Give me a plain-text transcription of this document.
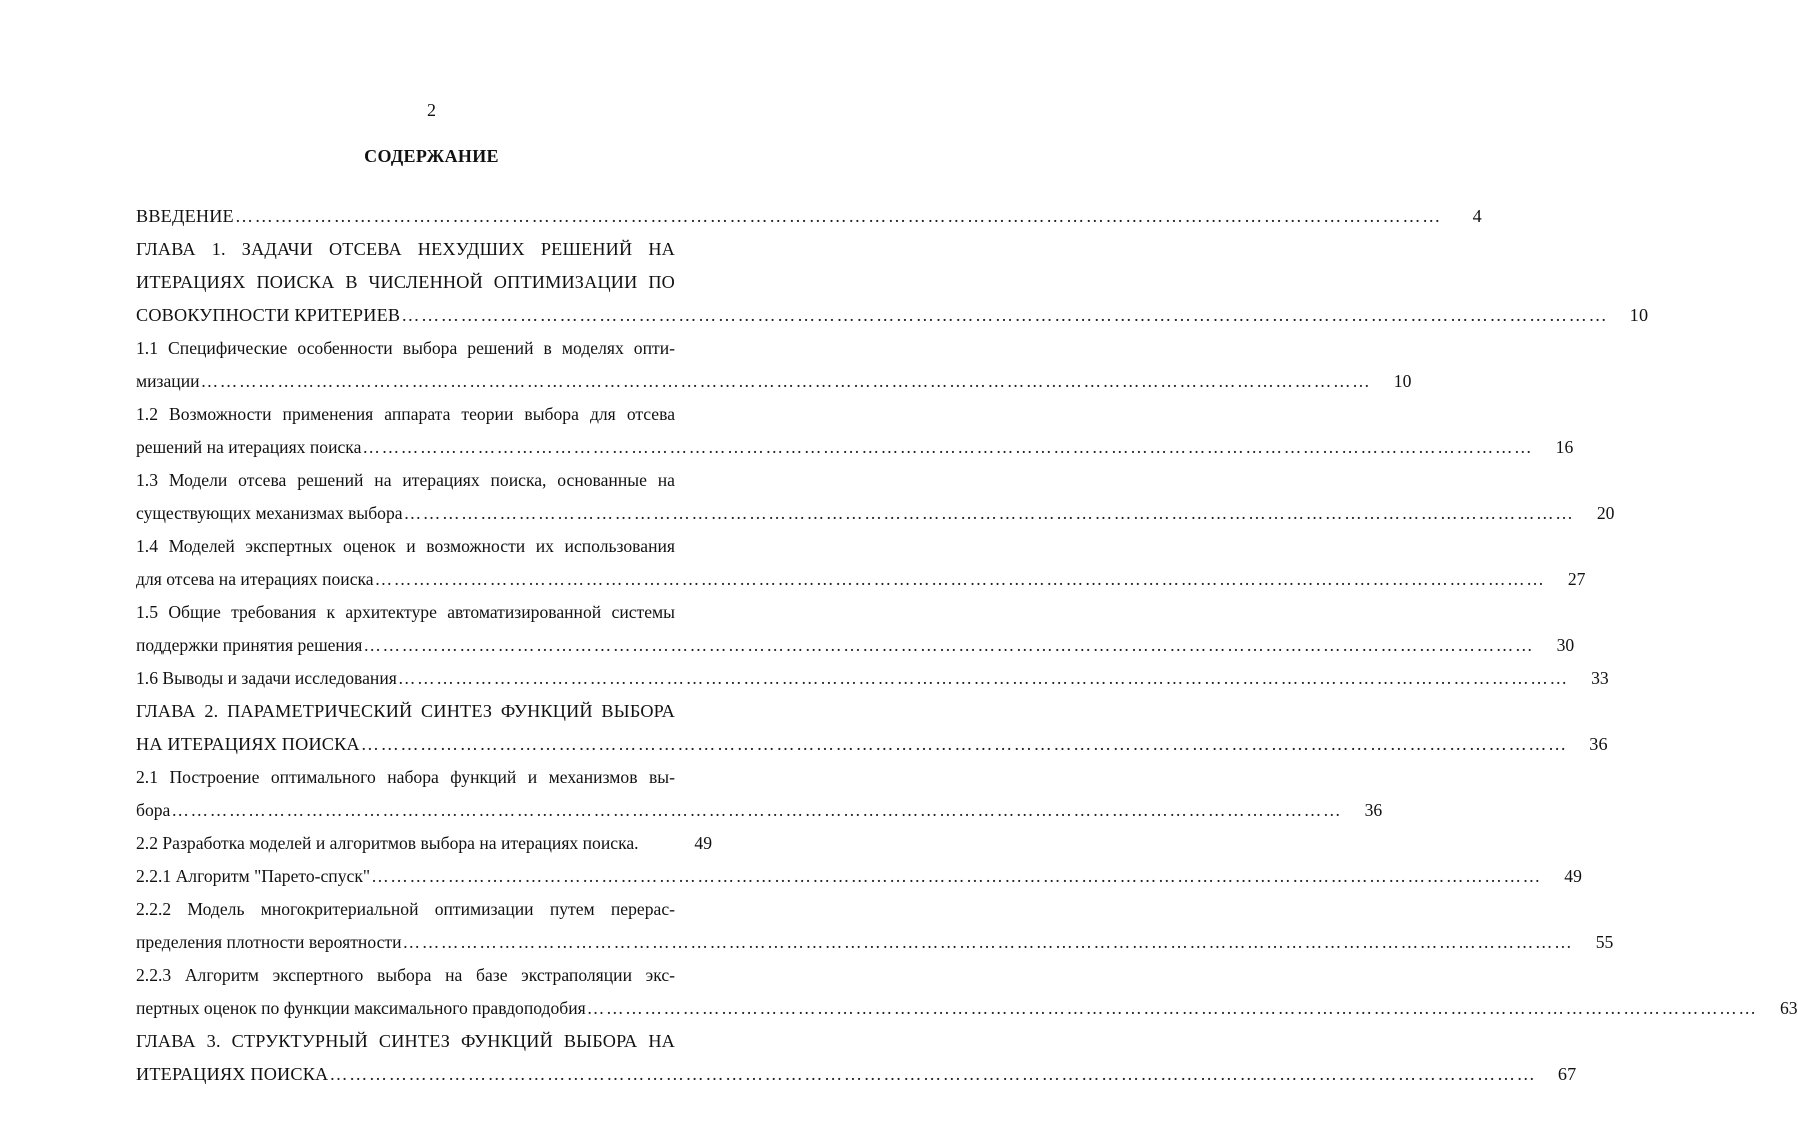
2
СОДЕРЖАНИЕ
ВВЕДЕНИЕ …………………………………………………………………………………………………………………………………………………………………	4
ГЛАВА 1. ЗАДАЧИ ОТСЕВА НЕХУДШИХ РЕШЕНИЙ НА
ИТЕРАЦИЯХ ПОИСКА В ЧИСЛЕННОЙ ОПТИМИЗАЦИИ ПО
СОВОКУПНОСТИ КРИТЕРИЕВ …………………………………………………………………………………………………………………………………………………………………	10
1.1 Специфические особенности выбора решений в моделях опти-
мизации …………………………………………………………………………………………………………………………………………………………………	10
1.2 Возможности применения аппарата теории выбора для отсева
решений на итерациях поиска …………………………………………………………………………………………………………………………………………………………………	16
1.3 Модели отсева решений на итерациях поиска, основанные на
существующих механизмах выбора …………………………………………………………………………………………………………………………………………………………………	20
1.4 Моделей экспертных оценок и возможности их использования
для отсева на итерациях поиска …………………………………………………………………………………………………………………………………………………………………	27
1.5 Общие требования к архитектуре автоматизированной системы
поддержки принятия решения …………………………………………………………………………………………………………………………………………………………………	30
1.6 Выводы и задачи исследования …………………………………………………………………………………………………………………………………………………………………	33
ГЛАВА 2. ПАРАМЕТРИЧЕСКИЙ СИНТЕЗ ФУНКЦИЙ ВЫБОРА
НА ИТЕРАЦИЯХ ПОИСКА …………………………………………………………………………………………………………………………………………………………………	36
2.1 Построение оптимального набора функций и механизмов вы-
бора …………………………………………………………………………………………………………………………………………………………………	36
2.2 Разработка моделей и алгоритмов выбора на итерациях поиска.	49
2.2.1 Алгоритм "Парето-спуск" …………………………………………………………………………………………………………………………………………………………………	49
2.2.2 Модель многокритериальной оптимизации путем перерас-
пределения плотности вероятности …………………………………………………………………………………………………………………………………………………………………	55
2.2.3 Алгоритм экспертного выбора на базе экстраполяции экс-
пертных оценок по функции максимального правдоподобия …………………………………………………………………………………………………………………………………………………………………	63
ГЛАВА 3. СТРУКТУРНЫЙ СИНТЕЗ ФУНКЦИЙ ВЫБОРА НА
ИТЕРАЦИЯХ ПОИСКА …………………………………………………………………………………………………………………………………………………………………	67
